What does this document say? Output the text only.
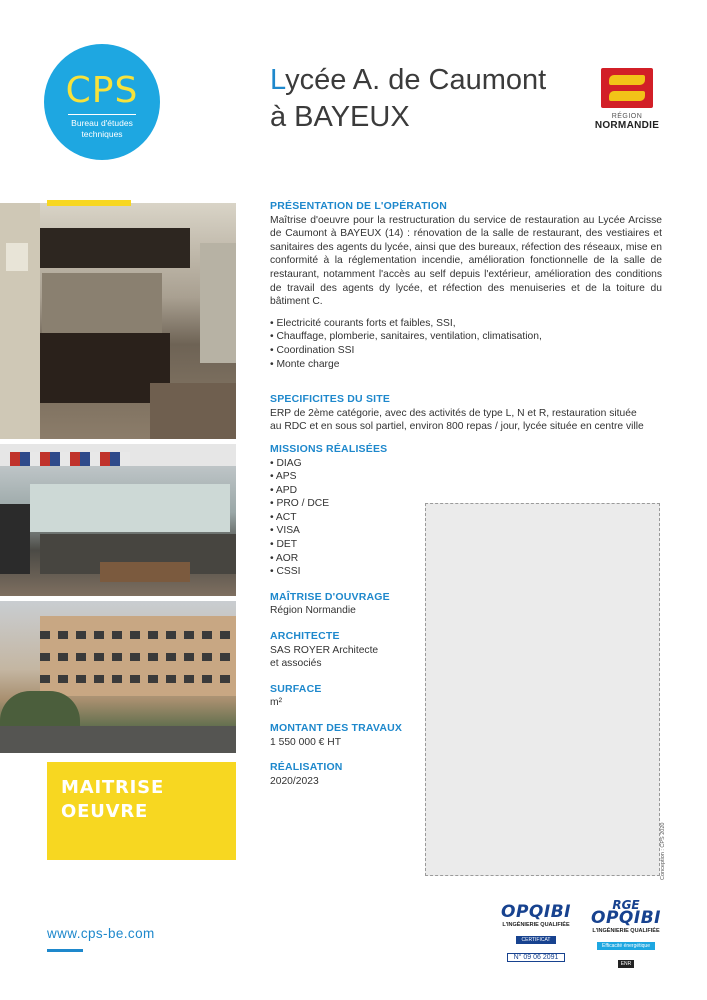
CPS
Bureau d'études
techniques
Lycée A. de Caumont
à BAYEUX	RÉGION
NORMANDIE
MAITRISE
OEUVRE
PRÉSENTATION DE L'OPÉRATION
Maîtrise d'oeuvre pour la restructuration du service de restauration au Lycée Arcisse de Caumont à BAYEUX (14) : rénovation de la salle de restaurant, des vestiaires et sanitaires des agents du lycée, ainsi que des bureaux, réfection des réseaux, mise en conformité à la réglementation incendie, amélioration fonctionnelle de la salle de restaurant, notamment l'accès au self depuis l'extérieur, amélioration des conditions de travail des agents dy lycée, et réfection des menuiseries et de la toiture du bâtiment C.
• Electricité courants forts et faibles, SSI,
• Chauffage, plomberie, sanitaires, ventilation, climatisation,
• Coordination SSI
• Monte charge
SPECIFICITES DU SITE
ERP de 2ème catégorie, avec des activités de type L, N et R, restauration située au RDC et en sous sol partiel, environ 800 repas / jour, lycée située en centre ville
MISSIONS RÉALISÉES
• DIAG
• APS
• APD
• PRO / DCE
• ACT
• VISA
• DET
• AOR
• CSSI
MAÎTRISE D'OUVRAGE
Région Normandie
ARCHITECTE
SAS ROYER Architecte
et associés
SURFACE
m²
MONTANT DES TRAVAUX
1 550 000 € HT
RÉALISATION
2020/2023
Conception : CPS 2020
www.cps-be.com
OPQIBI
L'INGÉNIERIE QUALIFIÉE
CERTIFICAT
N° 09 06 2091
RGE
OPQIBI
L'INGÉNIERIE QUALIFIÉE
Efficacité énergétique ENR
